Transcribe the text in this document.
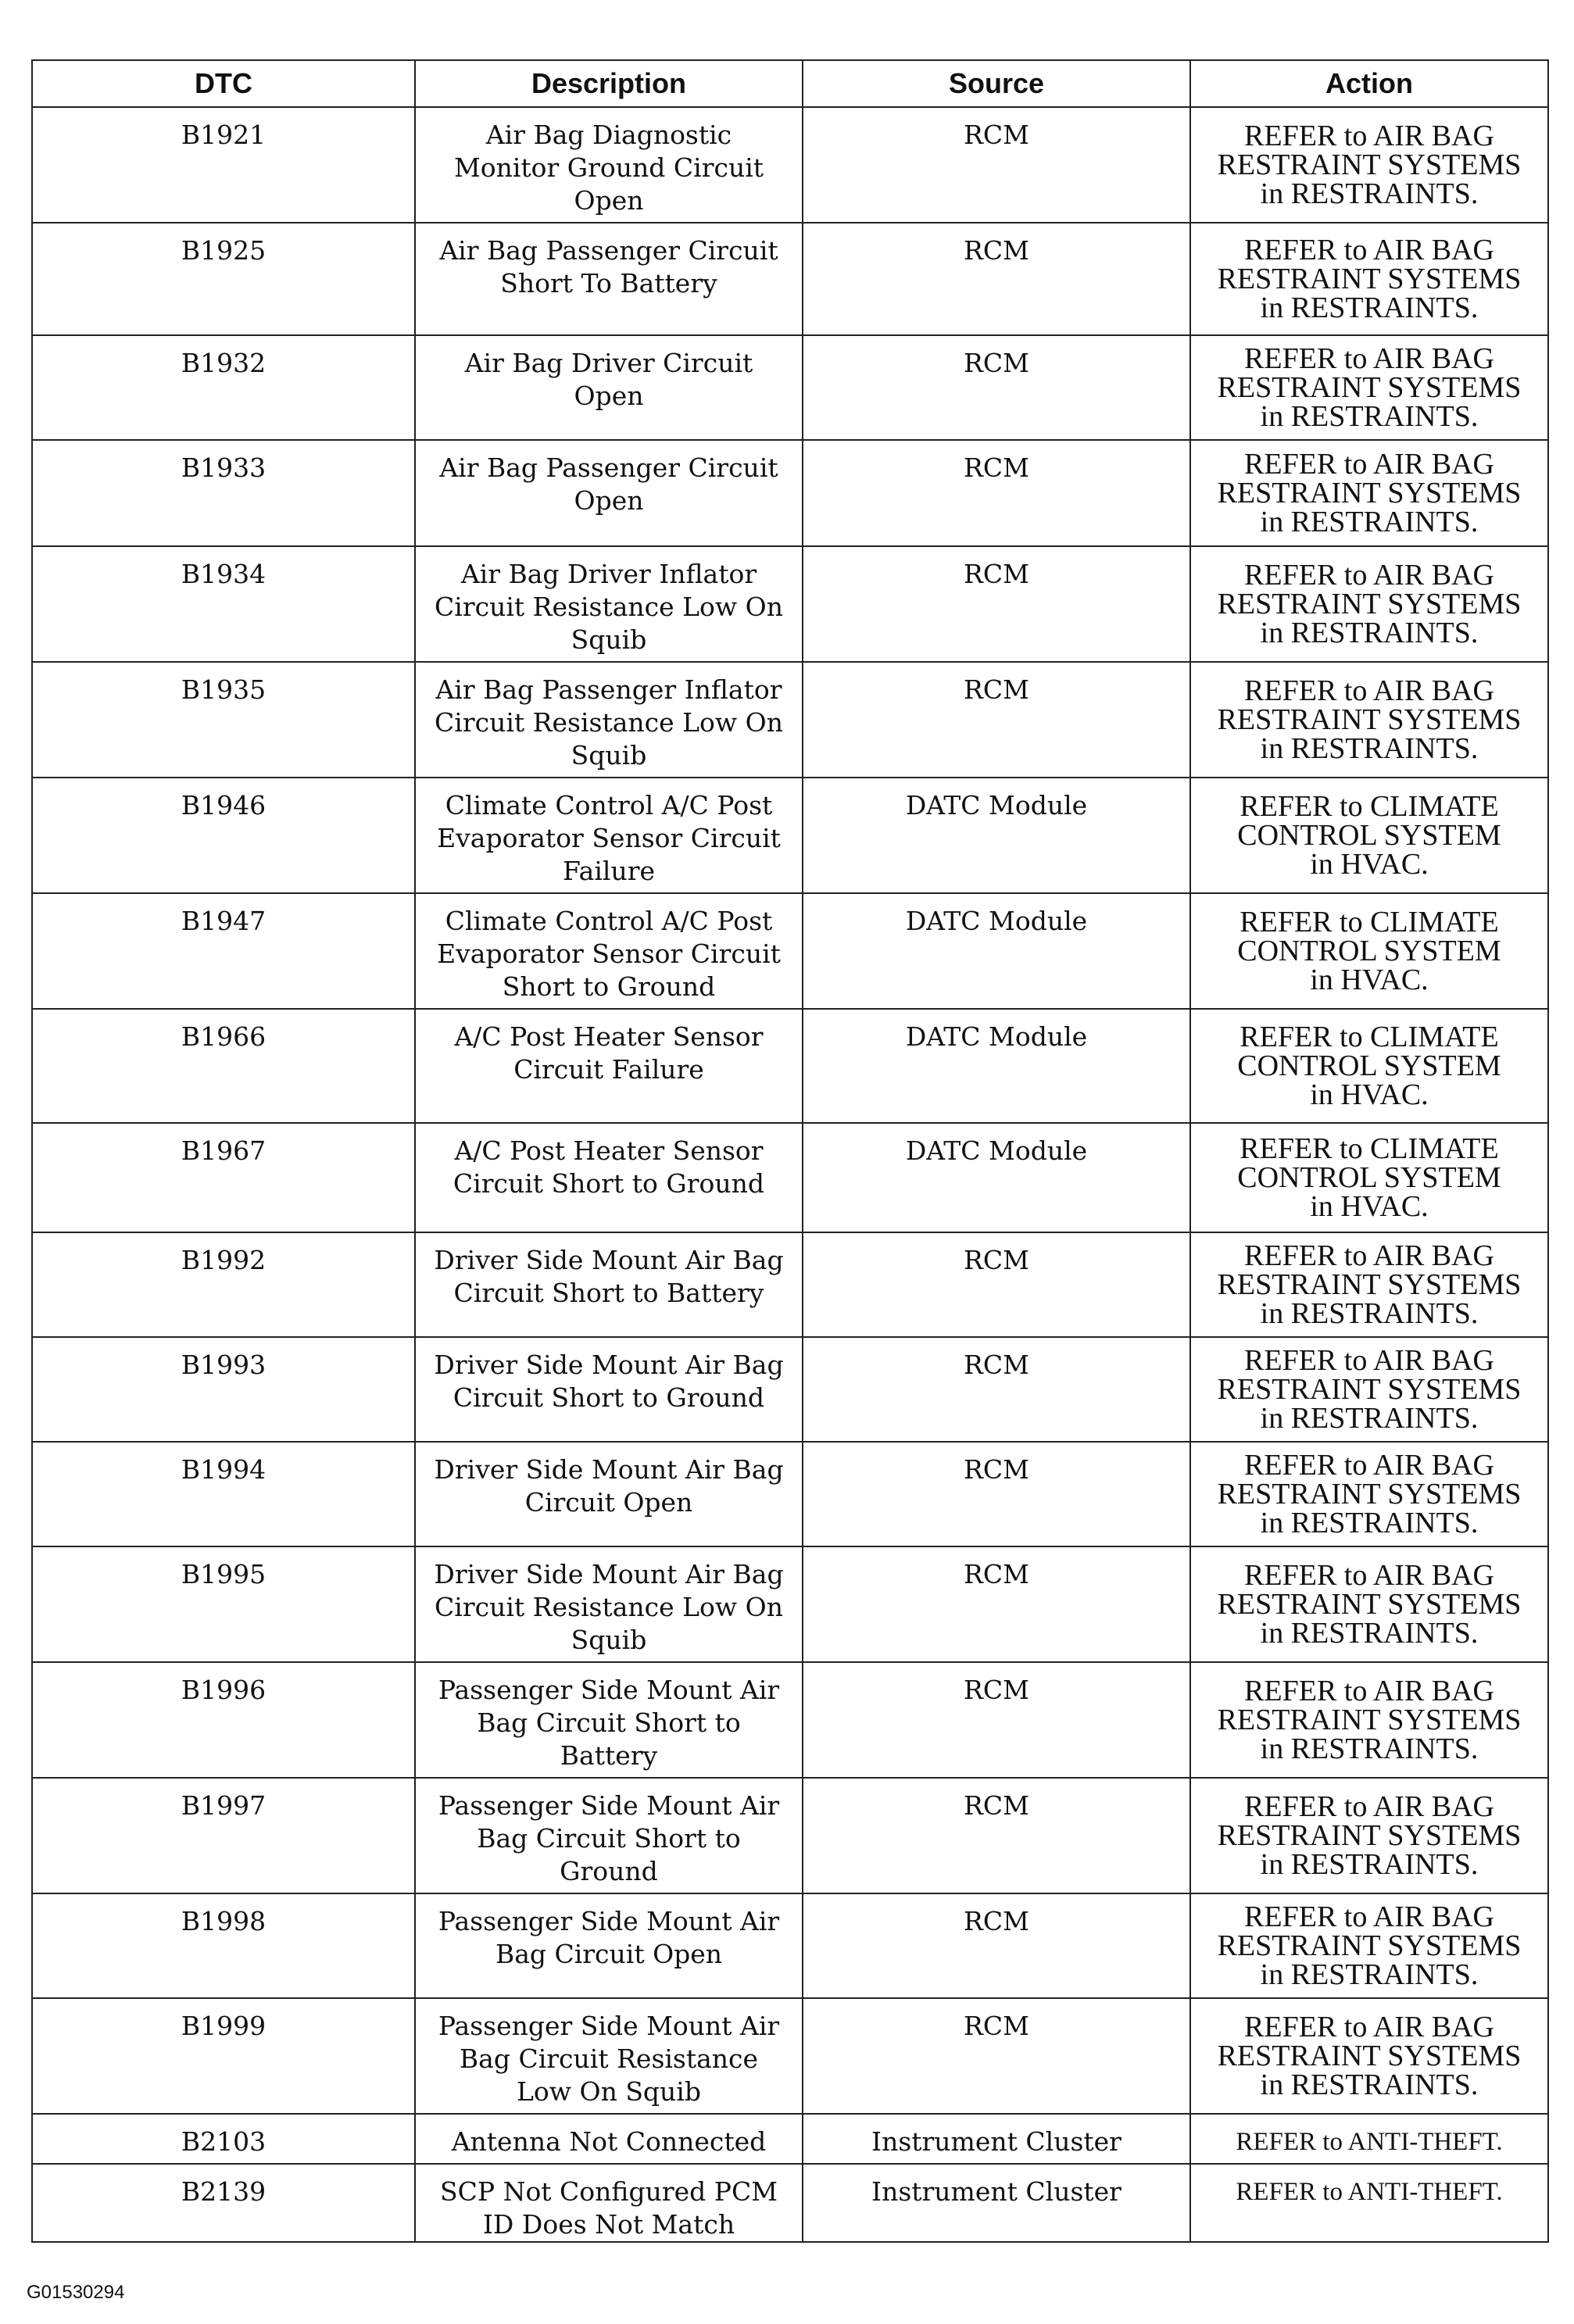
DTC	Description	Source	Action
B1921	Air Bag Diagnostic
Monitor Ground Circuit
Open	RCM	REFER to AIR BAG
RESTRAINT SYSTEMS
in RESTRAINTS.
B1925	Air Bag Passenger Circuit
Short To Battery	RCM	REFER to AIR BAG
RESTRAINT SYSTEMS
in RESTRAINTS.
B1932	Air Bag Driver Circuit
Open	RCM	REFER to AIR BAG
RESTRAINT SYSTEMS
in RESTRAINTS.
B1933	Air Bag Passenger Circuit
Open	RCM	REFER to AIR BAG
RESTRAINT SYSTEMS
in RESTRAINTS.
B1934	Air Bag Driver Inflator
Circuit Resistance Low On
Squib	RCM	REFER to AIR BAG
RESTRAINT SYSTEMS
in RESTRAINTS.
B1935	Air Bag Passenger Inflator
Circuit Resistance Low On
Squib	RCM	REFER to AIR BAG
RESTRAINT SYSTEMS
in RESTRAINTS.
B1946	Climate Control A/C Post
Evaporator Sensor Circuit
Failure	DATC Module	REFER to CLIMATE
CONTROL SYSTEM
in HVAC.
B1947	Climate Control A/C Post
Evaporator Sensor Circuit
Short to Ground	DATC Module	REFER to CLIMATE
CONTROL SYSTEM
in HVAC.
B1966	A/C Post Heater Sensor
Circuit Failure	DATC Module	REFER to CLIMATE
CONTROL SYSTEM
in HVAC.
B1967	A/C Post Heater Sensor
Circuit Short to Ground	DATC Module	REFER to CLIMATE
CONTROL SYSTEM
in HVAC.
B1992	Driver Side Mount Air Bag
Circuit Short to Battery	RCM	REFER to AIR BAG
RESTRAINT SYSTEMS
in RESTRAINTS.
B1993	Driver Side Mount Air Bag
Circuit Short to Ground	RCM	REFER to AIR BAG
RESTRAINT SYSTEMS
in RESTRAINTS.
B1994	Driver Side Mount Air Bag
Circuit Open	RCM	REFER to AIR BAG
RESTRAINT SYSTEMS
in RESTRAINTS.
B1995	Driver Side Mount Air Bag
Circuit Resistance Low On
Squib	RCM	REFER to AIR BAG
RESTRAINT SYSTEMS
in RESTRAINTS.
B1996	Passenger Side Mount Air
Bag Circuit Short to
Battery	RCM	REFER to AIR BAG
RESTRAINT SYSTEMS
in RESTRAINTS.
B1997	Passenger Side Mount Air
Bag Circuit Short to
Ground	RCM	REFER to AIR BAG
RESTRAINT SYSTEMS
in RESTRAINTS.
B1998	Passenger Side Mount Air
Bag Circuit Open	RCM	REFER to AIR BAG
RESTRAINT SYSTEMS
in RESTRAINTS.
B1999	Passenger Side Mount Air
Bag Circuit Resistance
Low On Squib	RCM	REFER to AIR BAG
RESTRAINT SYSTEMS
in RESTRAINTS.
B2103	Antenna Not Connected	Instrument Cluster	REFER to ANTI-THEFT.
B2139	SCP Not Configured PCM
ID Does Not Match	Instrument Cluster	REFER to ANTI-THEFT.
G01530294
